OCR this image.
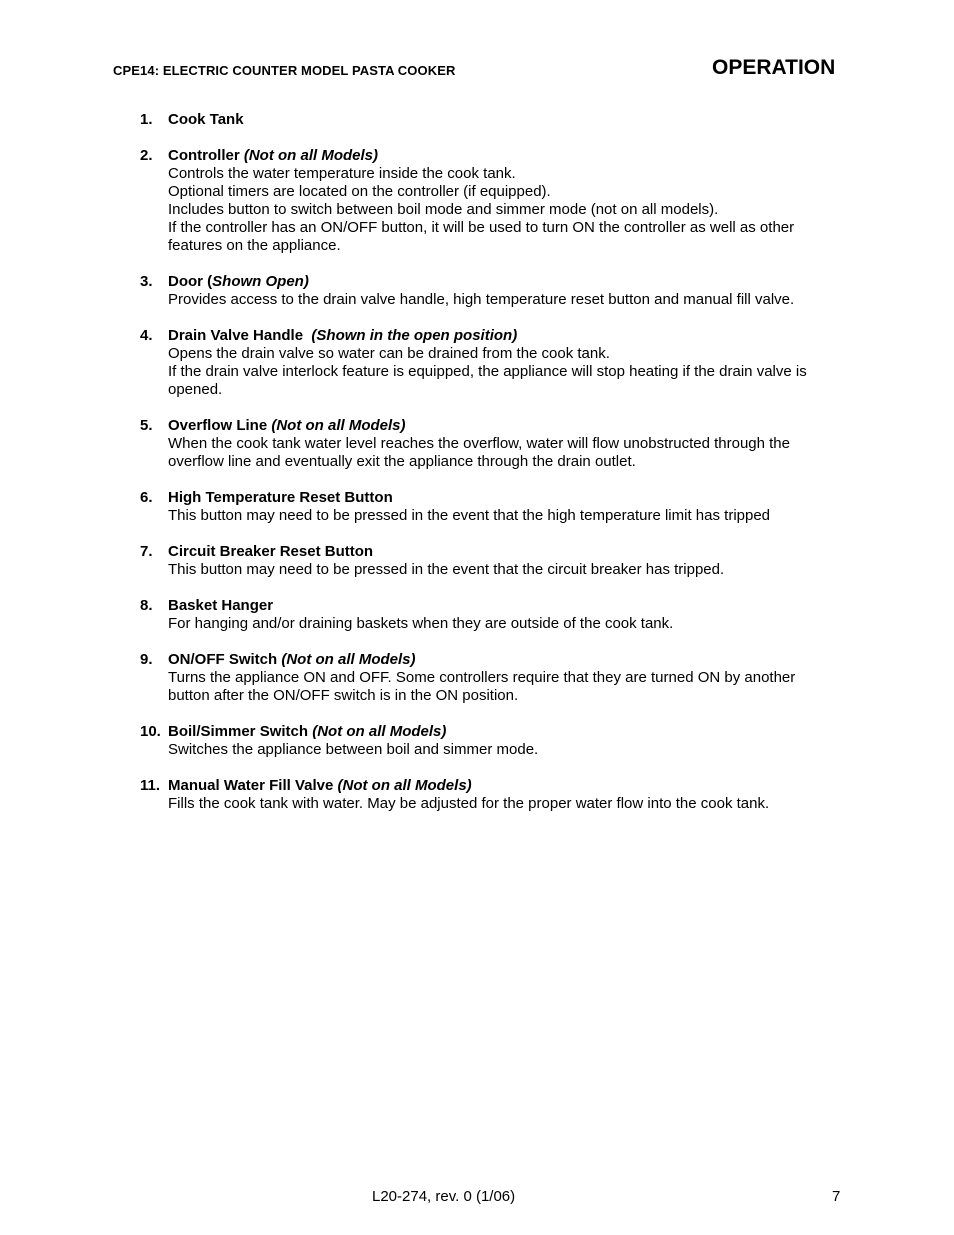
CPE14: ELECTRIC COUNTER MODEL PASTA COOKER	OPERATION
1. Cook Tank
2. Controller (Not on all Models)
Controls the water temperature inside the cook tank.
Optional timers are located on the controller (if equipped).
Includes button to switch between boil mode and simmer mode (not on all models).
If the controller has an ON/OFF button, it will be used to turn ON the controller as well as other features on the appliance.
3. Door (Shown Open)
Provides access to the drain valve handle, high temperature reset button and manual fill valve.
4. Drain Valve Handle  (Shown in the open position)
Opens the drain valve so water can be drained from the cook tank.
If the drain valve interlock feature is equipped, the appliance will stop heating if the drain valve is opened.
5. Overflow Line (Not on all Models)
When the cook tank water level reaches the overflow, water will flow unobstructed through the overflow line and eventually exit the appliance through the drain outlet.
6. High Temperature Reset Button
This button may need to be pressed in the event that the high temperature limit has tripped
7. Circuit Breaker Reset Button
This button may need to be pressed in the event that the circuit breaker has tripped.
8. Basket Hanger
For hanging and/or draining baskets when they are outside of the cook tank.
9. ON/OFF Switch (Not on all Models)
Turns the appliance ON and OFF. Some controllers require that they are turned ON by another button after the ON/OFF switch is in the ON position.
10. Boil/Simmer Switch (Not on all Models)
Switches the appliance between boil and simmer mode.
11. Manual Water Fill Valve (Not on all Models)
Fills the cook tank with water. May be adjusted for the proper water flow into the cook tank.
L20-274, rev. 0 (1/06)	7
